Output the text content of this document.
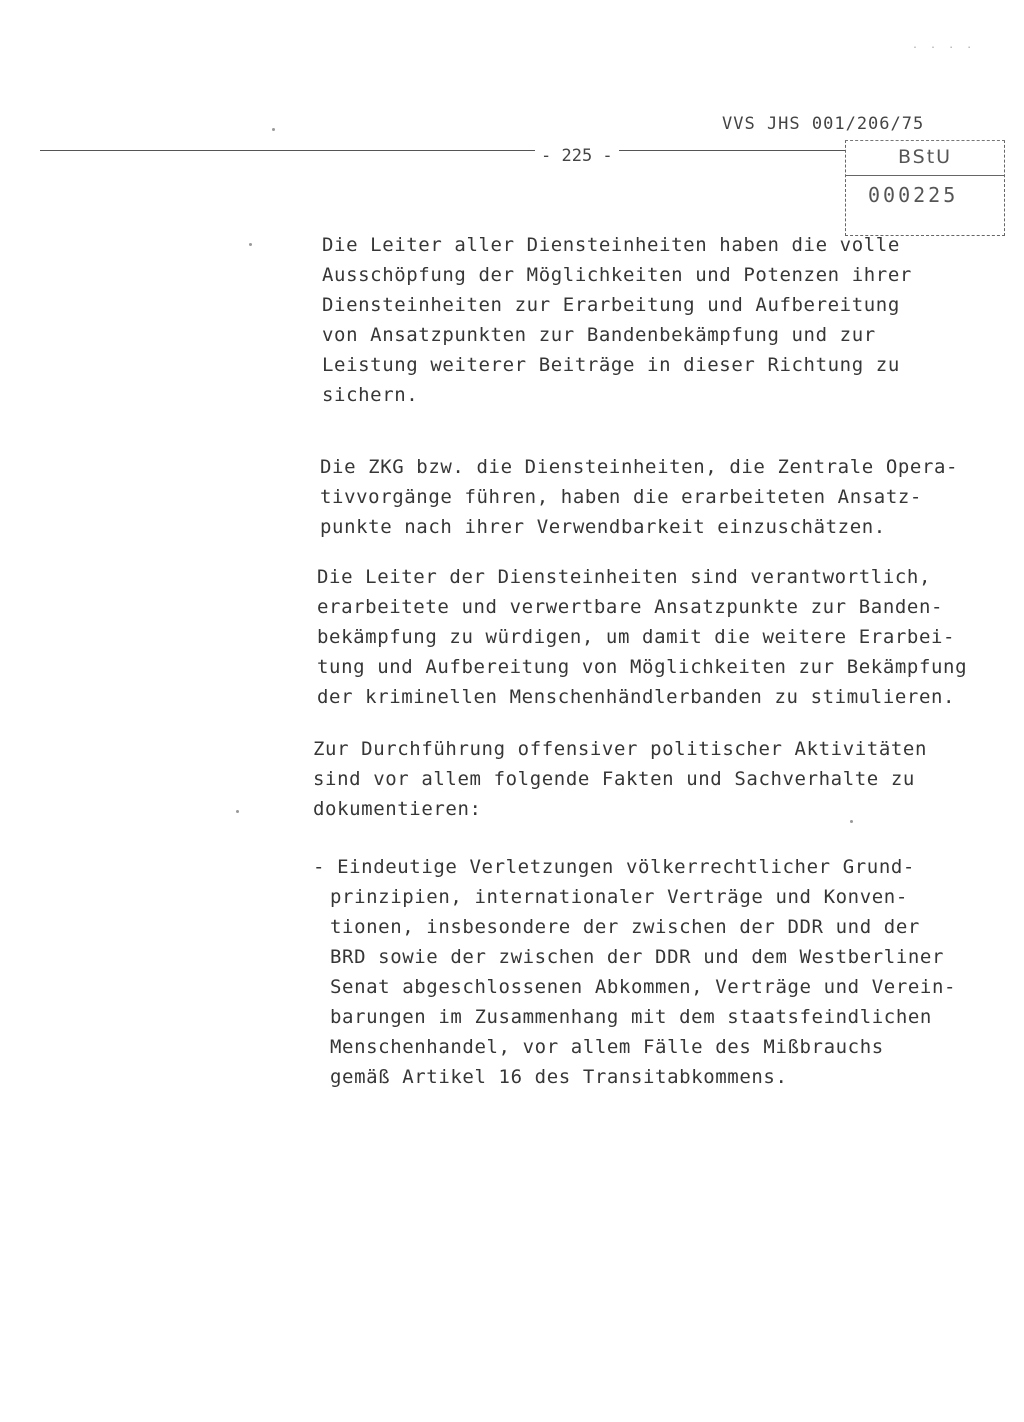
. . . .
VVS JHS 001/206/75
- 225 -	BStU
000225

Die Leiter aller Diensteinheiten haben die volle
Ausschöpfung der Möglichkeiten und Potenzen ihrer
Diensteinheiten zur Erarbeitung und Aufbereitung
von Ansatzpunkten zur Bandenbekämpfung und zur
Leistung weiterer Beiträge in dieser Richtung zu
sichern.

Die ZKG bzw. die Diensteinheiten, die Zentrale Opera-
tivvorgänge führen, haben die erarbeiteten Ansatz-
punkte nach ihrer Verwendbarkeit einzuschätzen.

Die Leiter der Diensteinheiten sind verantwortlich,
erarbeitete und verwertbare Ansatzpunkte zur Banden-
bekämpfung zu würdigen, um damit die weitere Erarbei-
tung und Aufbereitung von Möglichkeiten zur Bekämpfung
der kriminellen Menschenhändlerbanden zu stimulieren.

Zur Durchführung offensiver politischer Aktivitäten
sind vor allem folgende Fakten und Sachverhalte zu
dokumentieren:

- Eindeutige Verletzungen völkerrechtlicher Grund-
prinzipien, internationaler Verträge und Konven-
tionen, insbesondere der zwischen der DDR und der
BRD sowie der zwischen der DDR und dem Westberliner
Senat abgeschlossenen Abkommen, Verträge und Verein-
barungen im Zusammenhang mit dem staatsfeindlichen
Menschenhandel, vor allem Fälle des Mißbrauchs
gemäß Artikel 16 des Transitabkommens.
